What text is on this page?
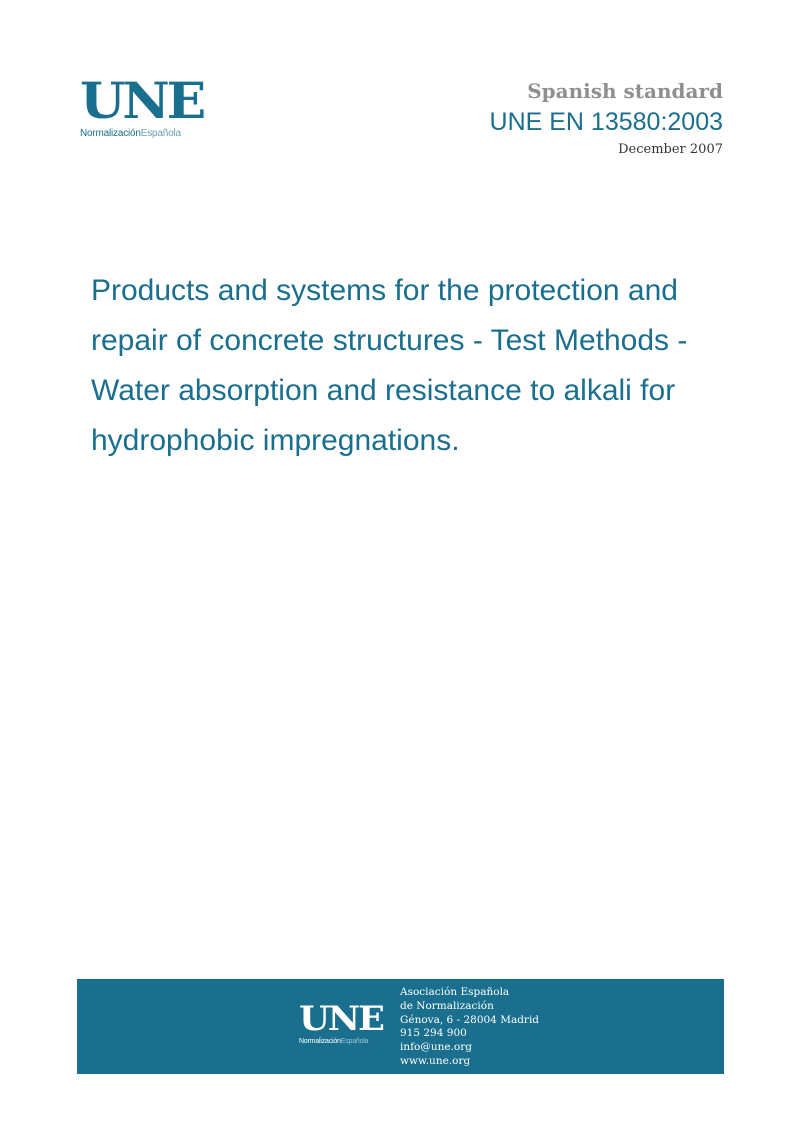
UNE
NormalizaciónEspañola
Spanish standard
UNE EN 13580:2003
December 2007
Products and systems for the protection and repair of concrete structures - Test Methods - Water absorption and resistance to alkali for hydrophobic impregnations.
UNE
NormalizaciónEspañola
Asociación Española
de Normalización
Génova, 6 - 28004 Madrid
915 294 900
info@une.org
www.une.org
